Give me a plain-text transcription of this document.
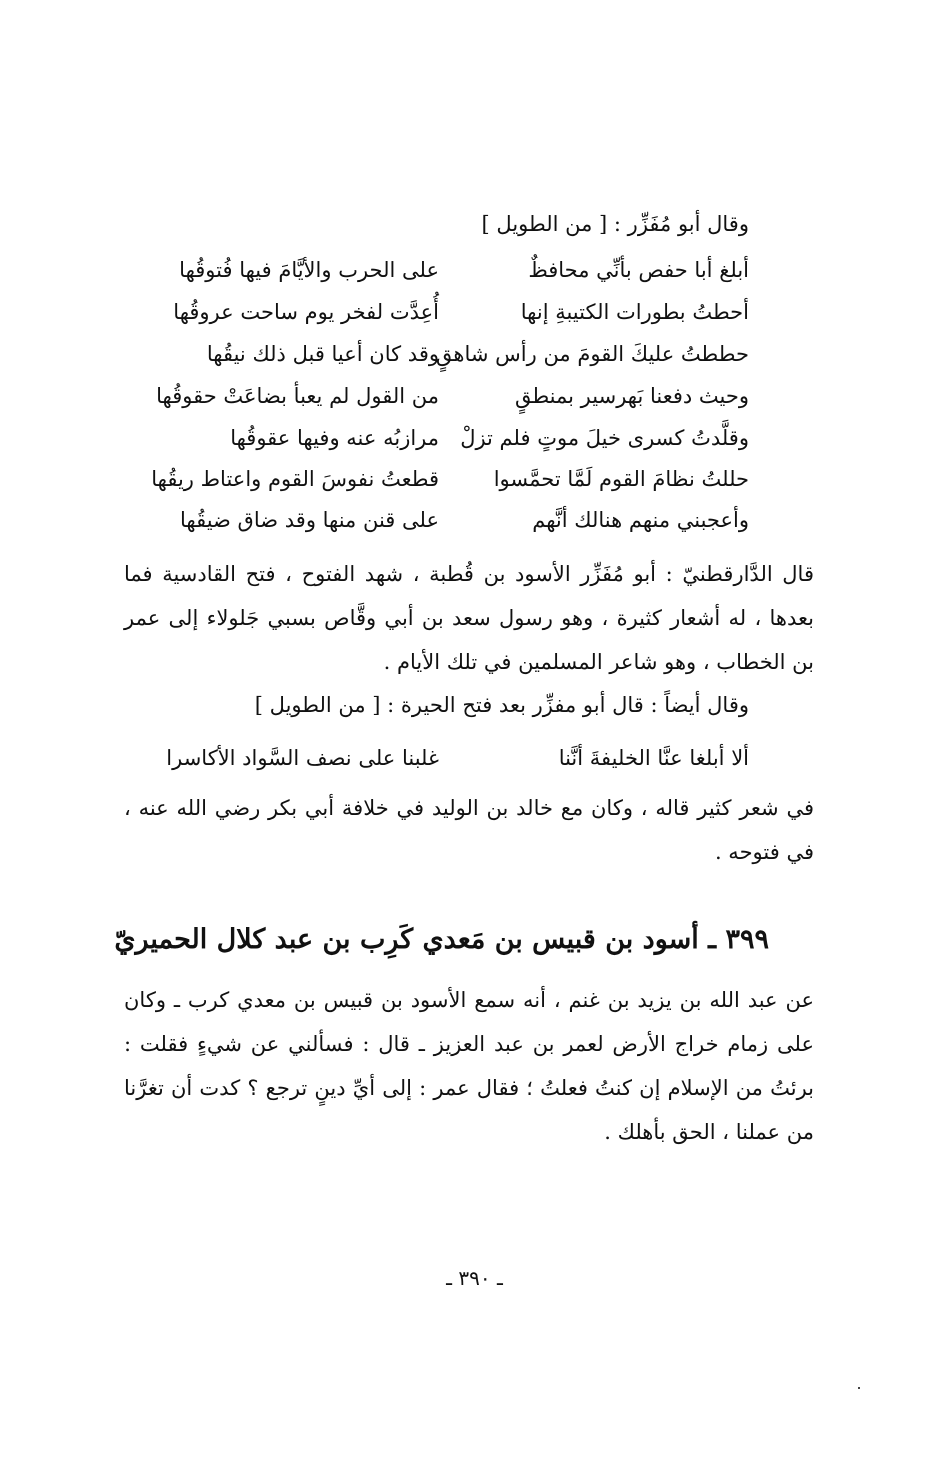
وقال أبو مُفَزِّر : [ من الطويل ]
أبلغ أبا حفص بأنِّي محافظٌ
على الحرب والأيَّامَ فيها فُتوقُها
أحطتُ بطورات الكتيبةِ إنها
أُعِدَّت لفخر يوم ساحت عروقُها
حططتُ عليكَ القومَ من رأس شاهقٍ
وقد كان أعيا قبل ذلك نيقُها
وحيث دفعنا بَهرسير بمنطقٍ
من القول لم يعبأ بضاعَتْ حقوقُها
وقلَّدتُ كسرى خيلَ موتٍ فلم تزلْ
مرازبُه عنه وفيها عقوقُها
حللتُ نظامَ القوم لَمَّا تحمَّسوا
قطعتُ نفوسَ القوم واعتاط ريقُها
وأعجبني منهم هنالك أنَّهم
على قنن منها وقد ضاق ضيقُها
قال الدَّارقطنيّ : أبو مُفَزِّر الأسود بن قُطبة ، شهد الفتوح ، فتح القادسية فما بعدها ، له أشعار كثيرة ، وهو رسول سعد بن أبي وقَّاص بسبي جَلولاء إلى عمر بن الخطاب ، وهو شاعر المسلمين في تلك الأيام .
وقال أيضاً : قال أبو مفزِّر بعد فتح الحيرة : [ من الطويل ]
ألا أبلغا عنَّا الخليفةَ أنَّنا
غلبنا على نصف السَّواد الأكاسرا
في شعر كثير قاله ، وكان مع خالد بن الوليد في خلافة أبي بكر رضي الله عنه ، في فتوحه .
٣٩٩ ـ أسود بن قبيس بن مَعدي كَرِب بن عبد كلال الحميريّ
عن عبد الله بن يزيد بن غنم ، أنه سمع الأسود بن قبيس بن معدي كرب ـ وكان على زمام خراج الأرض لعمر بن عبد العزيز ـ قال : فسألني عن شيءٍ فقلت : برئتُ من الإسلام إن كنتُ فعلتُ ؛ فقال عمر : إلى أيِّ دينٍ ترجع ؟ كدت أن تغرَّنا من عملنا ، الحق بأهلك .
ـ ٣٩٠ ـ
